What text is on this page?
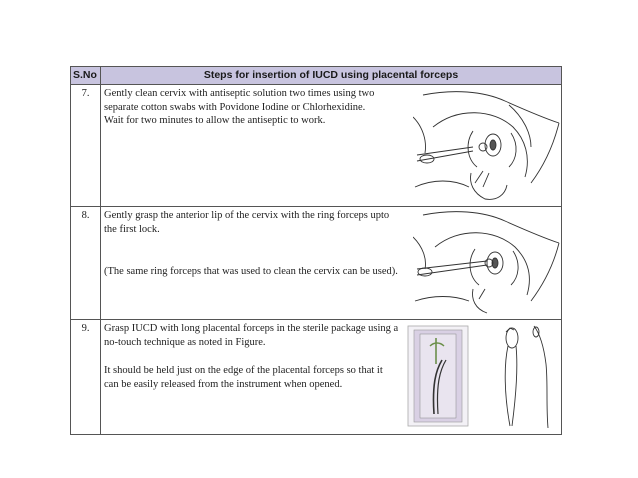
S.No	Steps for insertion of IUCD using placental forceps
7.	Gently clean cervix with antiseptic solution two times using two separate cotton swabs with Povidone Iodine or Chlorhexidine.

Wait for two minutes to allow the antiseptic to work.

8.	Gently grasp the anterior lip of the cervix with the ring forceps upto the first lock.

(The same ring forceps that was used to clean the cervix can be used).

9.	Grasp IUCD with long placental forceps in the sterile package using a no-touch technique as noted in Figure.

It should be held just on the edge of the placental forceps so that it can be easily released from the instrument when opened.
